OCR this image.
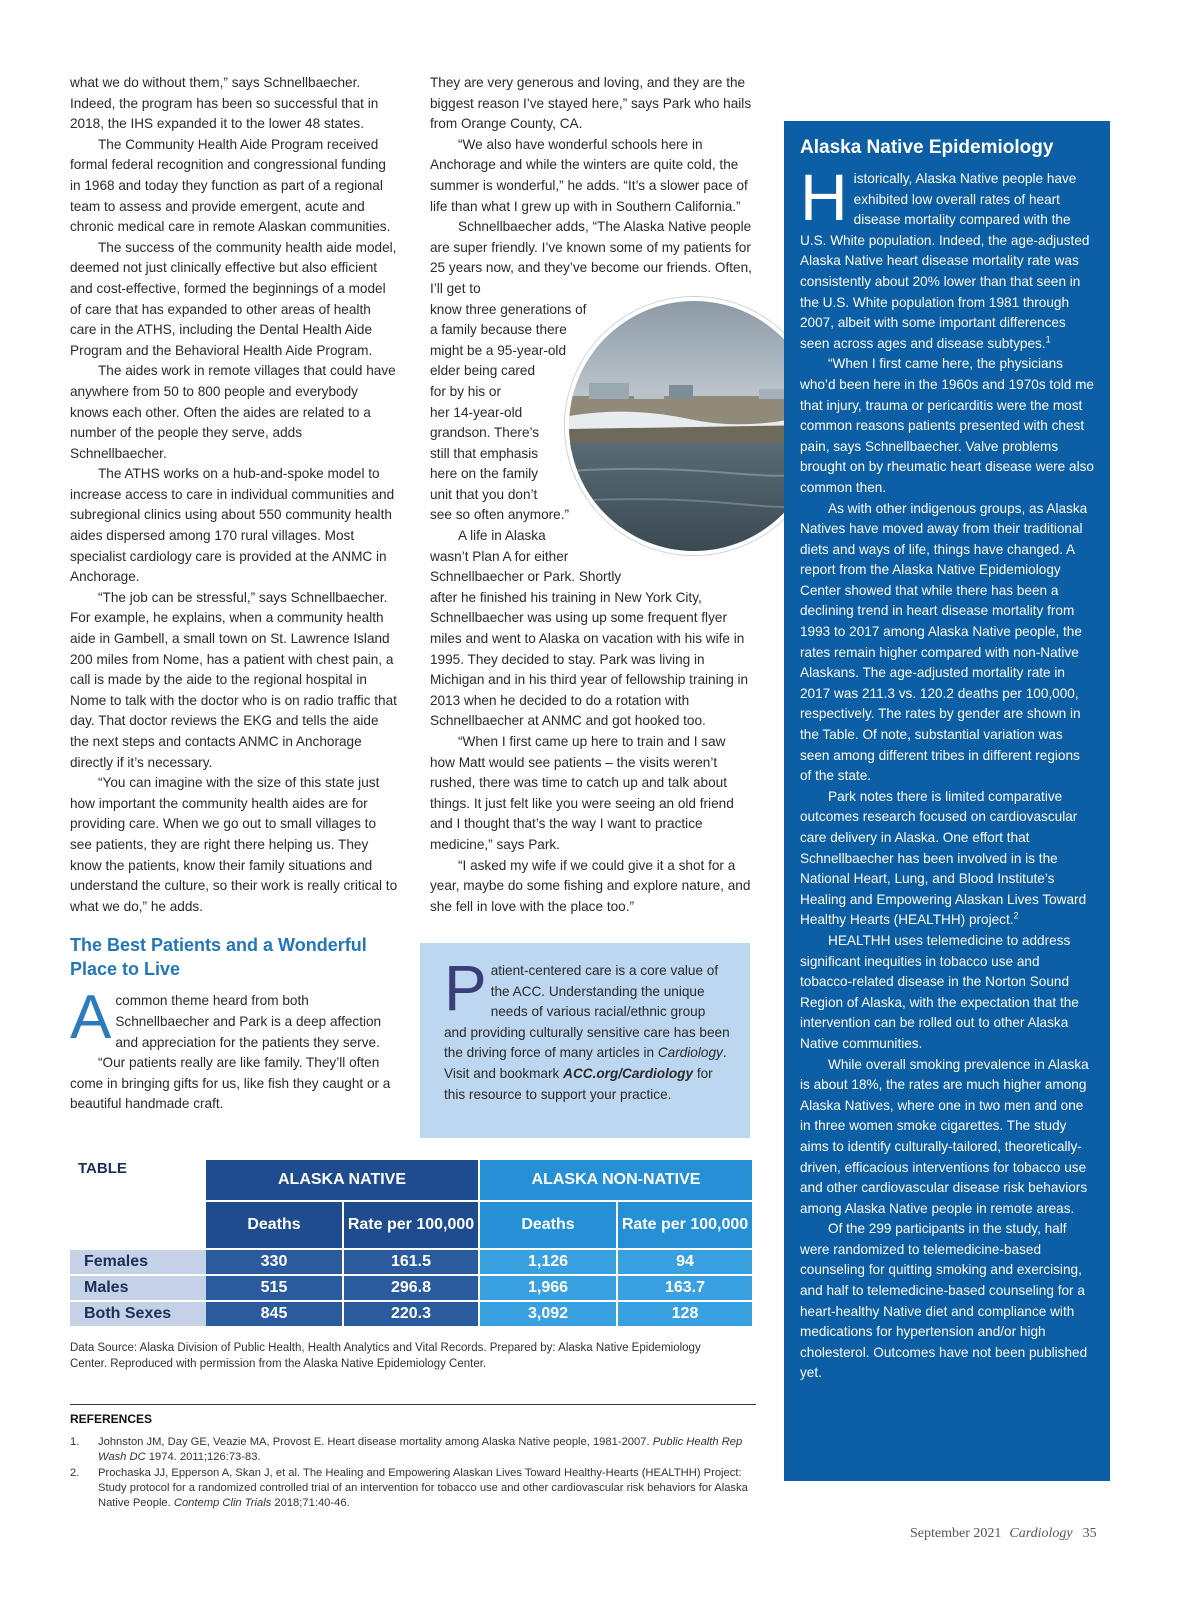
what we do without them,” says Schnellbaecher. Indeed, the program has been so successful that in 2018, the IHS expanded it to the lower 48 states.

The Community Health Aide Program received formal federal recognition and congressional funding in 1968 and today they function as part of a regional team to assess and provide emergent, acute and chronic medical care in remote Alaskan communities.

The success of the community health aide model, deemed not just clinically effective but also efficient and cost-effective, formed the beginnings of a model of care that has expanded to other areas of health care in the ATHS, including the Dental Health Aide Program and the Behavioral Health Aide Program.

The aides work in remote villages that could have anywhere from 50 to 800 people and everybody knows each other. Often the aides are related to a number of the people they serve, adds Schnellbaecher.

The ATHS works on a hub-and-spoke model to increase access to care in individual communities and subregional clinics using about 550 community health aides dispersed among 170 rural villages. Most specialist cardiology care is provided at the ANMC in Anchorage.

“The job can be stressful,” says Schnellbaecher. For example, he explains, when a community health aide in Gambell, a small town on St. Lawrence Island 200 miles from Nome, has a patient with chest pain, a call is made by the aide to the regional hospital in Nome to talk with the doctor who is on radio traffic that day. That doctor reviews the EKG and tells the aide the next steps and contacts ANMC in Anchorage directly if it’s necessary.

“You can imagine with the size of this state just how important the community health aides are for providing care. When we go out to small villages to see patients, they are right there helping us. They know the patients, know their family situations and understand the culture, so their work is really critical to what we do,” he adds.

The Best Patients and a Wonderful Place to Live

Acommon theme heard from both Schnellbaecher and Park is a deep affection and appreciation for the patients they serve.

“Our patients really are like family. They’ll often come in bringing gifts for us, like fish they caught or a beautiful handmade craft.

They are very generous and loving, and they are the biggest reason I’ve stayed here,” says Park who hails from Orange County, CA.

“We also have wonderful schools here in Anchorage and while the winters are quite cold, the summer is wonderful,” he adds. “It’s a slower pace of life than what I grew up with in Southern California.”

Schnellbaecher adds, “The Alaska Native people are super friendly. I’ve known some of my patients for 25 years now, and they’ve become our friends. Often, I’ll get to

know three generations of
a family because there
might be a 95-year-old
elder being cared
for by his or
her 14-year-old
grandson. There’s
still that emphasis
here on the family
unit that you don’t
see so often anymore.”
A life in Alaska
wasn’t Plan A for either
Schnellbaecher or Park. Shortly

after he finished his training in New York City, Schnellbaecher was using up some frequent flyer miles and went to Alaska on vacation with his wife in 1995. They decided to stay. Park was living in Michigan and in his third year of fellowship training in 2013 when he decided to do a rotation with Schnellbaecher at ANMC and got hooked too.

“When I first came up here to train and I saw how Matt would see patients – the visits weren’t rushed, there was time to catch up and talk about things. It just felt like you were seeing an old friend and I thought that’s the way I want to practice medicine,” says Park.

“I asked my wife if we could give it a shot for a year, maybe do some fishing and explore nature, and she fell in love with the place too.”

Patient-centered care is a core value of the ACC. Understanding the unique needs of various racial/ethnic group and providing culturally sensitive care has been the driving force of many articles in Cardiology. Visit and bookmark ACC.org/Cardiology for this resource to support your practice.
Alaska Native Epidemiology

Historically, Alaska Native people have exhibited low overall rates of heart disease mortality compared with the U.S. White population. Indeed, the age-adjusted Alaska Native heart disease mortality rate was consistently about 20% lower than that seen in the U.S. White population from 1981 through 2007, albeit with some important differences seen across ages and disease subtypes.$^1$

“When I first came here, the physicians who’d been here in the 1960s and 1970s told me that injury, trauma or pericarditis were the most common reasons patients presented with chest pain, says Schnellbaecher. Valve problems brought on by rheumatic heart disease were also common then.

As with other indigenous groups, as Alaska Natives have moved away from their traditional diets and ways of life, things have changed. A report from the Alaska Native Epidemiology Center showed that while there has been a declining trend in heart disease mortality from 1993 to 2017 among Alaska Native people, the rates remain higher compared with non-Native Alaskans. The age-adjusted mortality rate in 2017 was 211.3 vs. 120.2 deaths per 100,000, respectively. The rates by gender are shown in the Table. Of note, substantial variation was seen among different tribes in different regions of the state.

Park notes there is limited comparative outcomes research focused on cardiovascular care delivery in Alaska. One effort that Schnellbaecher has been involved in is the National Heart, Lung, and Blood Institute’s Healing and Empowering Alaskan Lives Toward Healthy Hearts (HEALTHH) project.$^2$

HEALTHH uses telemedicine to address significant inequities in tobacco use and tobacco-related disease in the Norton Sound Region of Alaska, with the expectation that the intervention can be rolled out to other Alaska Native communities.

While overall smoking prevalence in Alaska is about 18%, the rates are much higher among Alaska Natives, where one in two men and one in three women smoke cigarettes. The study aims to identify culturally-tailored, theoretically-driven, efficacious interventions for tobacco use and other cardiovascular disease risk behaviors among Alaska Native people in remote areas.

Of the 299 participants in the study, half were randomized to telemedicine-based counseling for quitting smoking and exercising, and half to telemedicine-based counseling for a heart-healthy Native diet and compliance with medications for hypertension and/or high cholesterol. Outcomes have not been published yet.

TABLE
	ALASKA NATIVE		ALASKA NON-NATIVE	
	Deaths	Rate per 100,000	Deaths	Rate per 100,000
Females	330	161.5	1,126	94
Males	515	296.8	1,966	163.7
Both Sexes	845	220.3	3,092	128
Data Source: Alaska Division of Public Health, Health Analytics and Vital Records. Prepared by: Alaska Native Epidemiology Center. Reproduced with permission from the Alaska Native Epidemiology Center.
REFERENCES
1.	Johnston JM, Day GE, Veazie MA, Provost E. Heart disease mortality among Alaska Native people, 1981-2007. Public Health Rep Wash DC 1974. 2011;126:73-83.
2.	Prochaska JJ, Epperson A, Skan J, et al. The Healing and Empowering Alaskan Lives Toward Healthy-Hearts (HEALTHH) Project: Study protocol for a randomized controlled trial of an intervention for tobacco use and other cardiovascular risk behaviors for Alaska Native People. Contemp Clin Trials 2018;71:40-46.
September 2021 Cardiology 35
